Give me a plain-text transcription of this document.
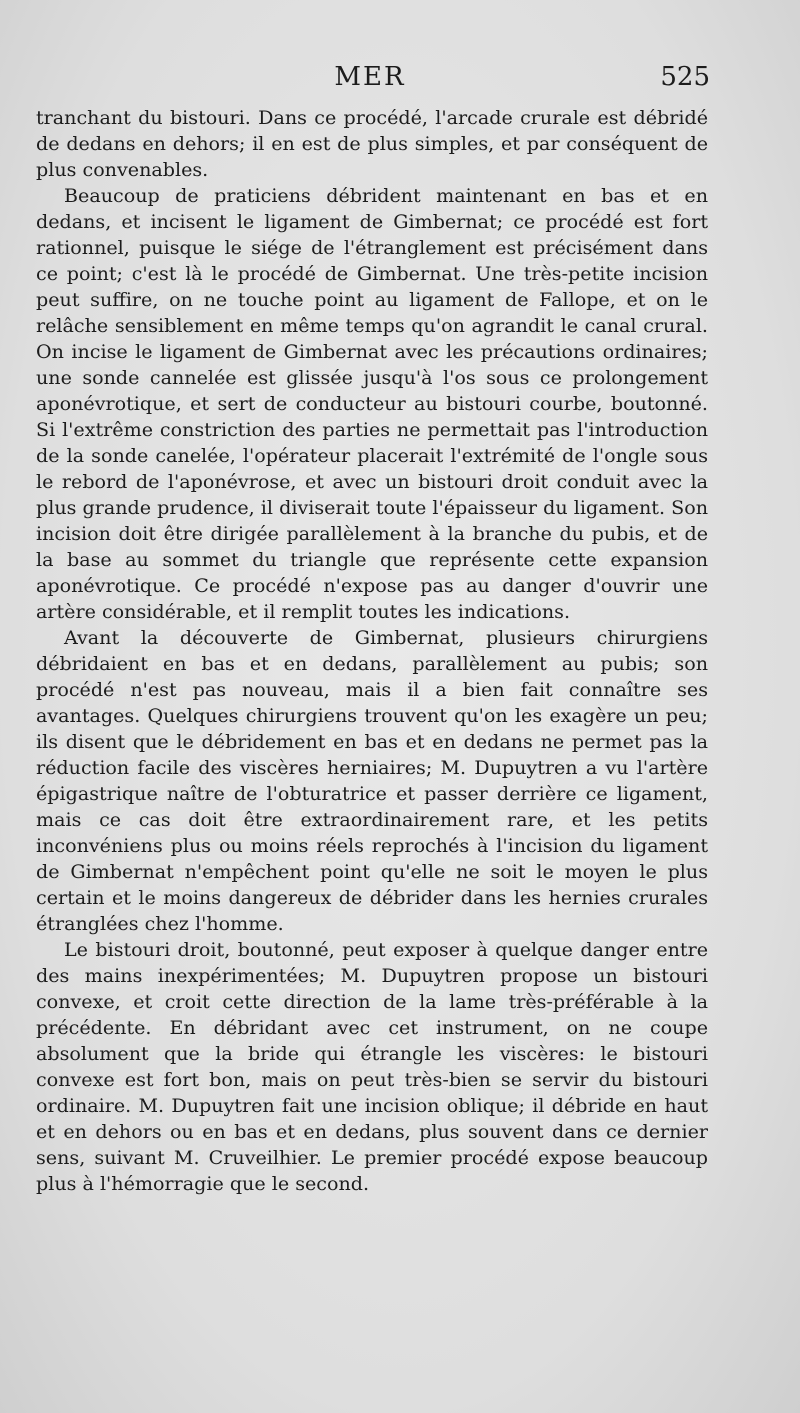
MER	525

tranchant du bistouri. Dans ce procédé, l'arcade crurale est débridé de dedans en dehors; il en est de plus simples, et par conséquent de plus convenables.

Beaucoup de praticiens débrident maintenant en bas et en dedans, et incisent le ligament de Gimbernat; ce procédé est fort rationnel, puisque le siége de l'étranglement est précisément dans ce point; c'est là le procédé de Gimbernat. Une très-petite incision peut suffire, on ne touche point au ligament de Fallope, et on le relâche sensiblement en même temps qu'on agrandit le canal crural. On incise le ligament de Gimbernat avec les précautions ordinaires; une sonde cannelée est glissée jusqu'à l'os sous ce prolongement aponévrotique, et sert de conducteur au bistouri courbe, boutonné. Si l'extrême constriction des parties ne permettait pas l'introduction de la sonde canelée, l'opérateur placerait l'extrémité de l'ongle sous le rebord de l'aponévrose, et avec un bistouri droit conduit avec la plus grande prudence, il diviserait toute l'épaisseur du ligament. Son incision doit être dirigée parallèlement à la branche du pubis, et de la base au sommet du triangle que représente cette expansion aponévrotique. Ce procédé n'expose pas au danger d'ouvrir une artère considérable, et il remplit toutes les indications.

Avant la découverte de Gimbernat, plusieurs chirurgiens débridaient en bas et en dedans, parallèlement au pubis; son procédé n'est pas nouveau, mais il a bien fait connaître ses avantages. Quelques chirurgiens trouvent qu'on les exagère un peu; ils disent que le débridement en bas et en dedans ne permet pas la réduction facile des viscères herniaires; M. Dupuytren a vu l'artère épigastrique naître de l'obturatrice et passer derrière ce ligament, mais ce cas doit être extraordinairement rare, et les petits inconvéniens plus ou moins réels reprochés à l'incision du ligament de Gimbernat n'empêchent point qu'elle ne soit le moyen le plus certain et le moins dangereux de débrider dans les hernies crurales étranglées chez l'homme.

Le bistouri droit, boutonné, peut exposer à quelque danger entre des mains inexpérimentées; M. Dupuytren propose un bistouri convexe, et croit cette direction de la lame très-préférable à la précédente. En débridant avec cet instrument, on ne coupe absolument que la bride qui étrangle les viscères: le bistouri convexe est fort bon, mais on peut très-bien se servir du bistouri ordinaire. M. Dupuytren fait une incision oblique; il débride en haut et en dehors ou en bas et en dedans, plus souvent dans ce dernier sens, suivant M. Cruveilhier. Le premier procédé expose beaucoup plus à l'hémorragie que le second.
